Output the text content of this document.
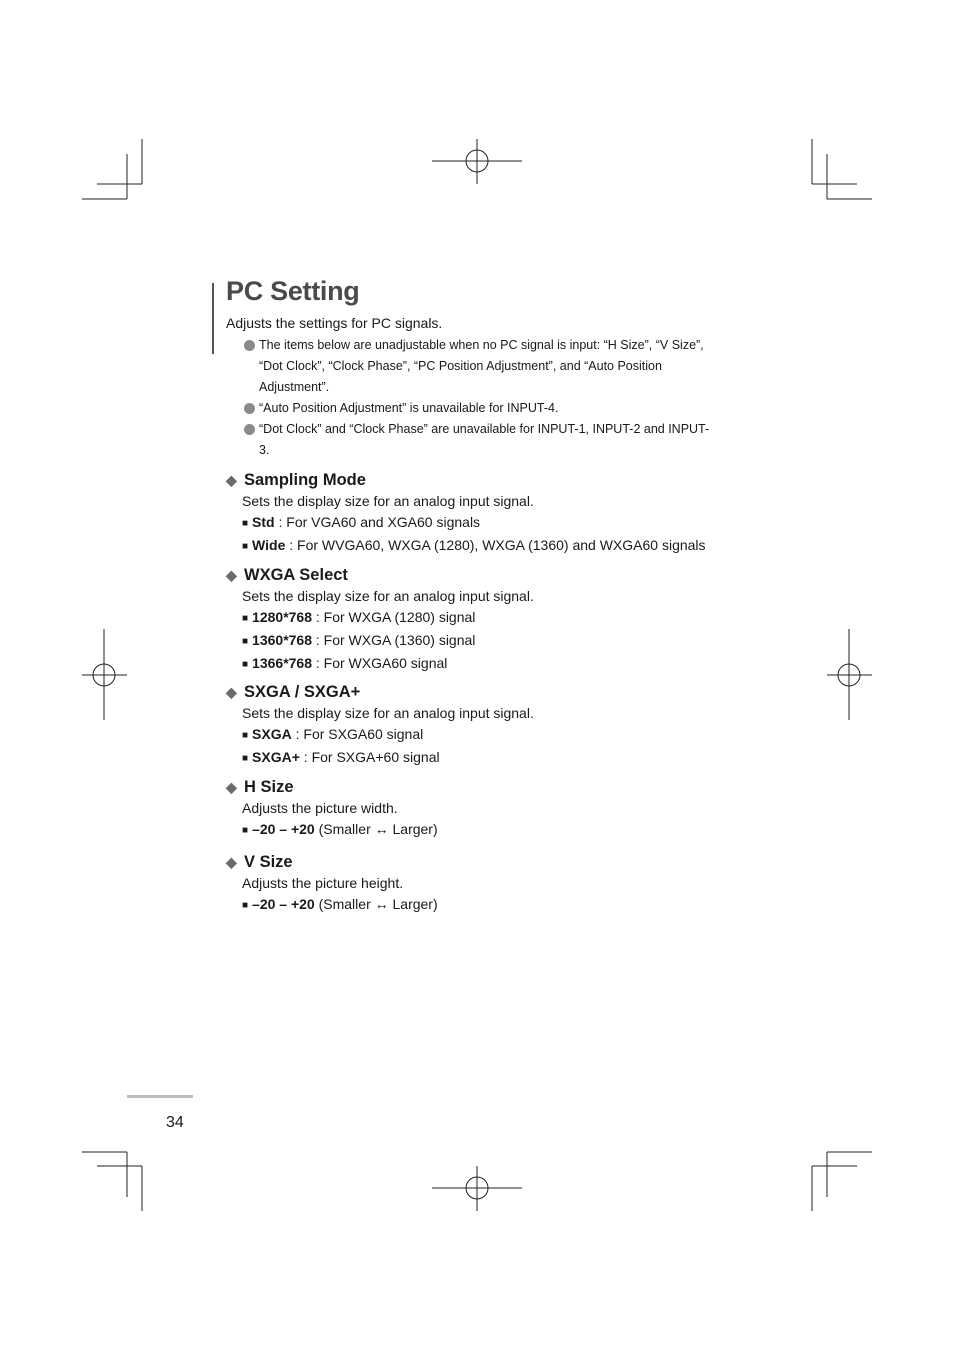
PC Setting
Adjusts the settings for PC signals.
The items below are unadjustable when no PC signal is input: “H Size”, “V Size”, “Dot Clock”, “Clock Phase”, “PC Position Adjustment”, and “Auto Position Adjustment”.
“Auto Position Adjustment” is unavailable for INPUT-4.
“Dot Clock” and “Clock Phase” are unavailable for INPUT-1, INPUT-2 and INPUT-3.
◆ Sampling Mode
Sets the display size for an analog input signal.
■ Std : For VGA60 and XGA60 signals
■ Wide : For WVGA60, WXGA (1280), WXGA (1360) and WXGA60 signals
◆ WXGA Select
Sets the display size for an analog input signal.
■ 1280*768 : For WXGA (1280) signal
■ 1360*768 : For WXGA (1360) signal
■ 1366*768 : For WXGA60 signal
◆ SXGA / SXGA+
Sets the display size for an analog input signal.
■ SXGA : For SXGA60 signal
■ SXGA+ : For SXGA+60 signal
◆ H Size
Adjusts the picture width.
■ –20 – +20 (Smaller ↔ Larger)
◆ V Size
Adjusts the picture height.
■ –20 – +20 (Smaller ↔ Larger)
34
